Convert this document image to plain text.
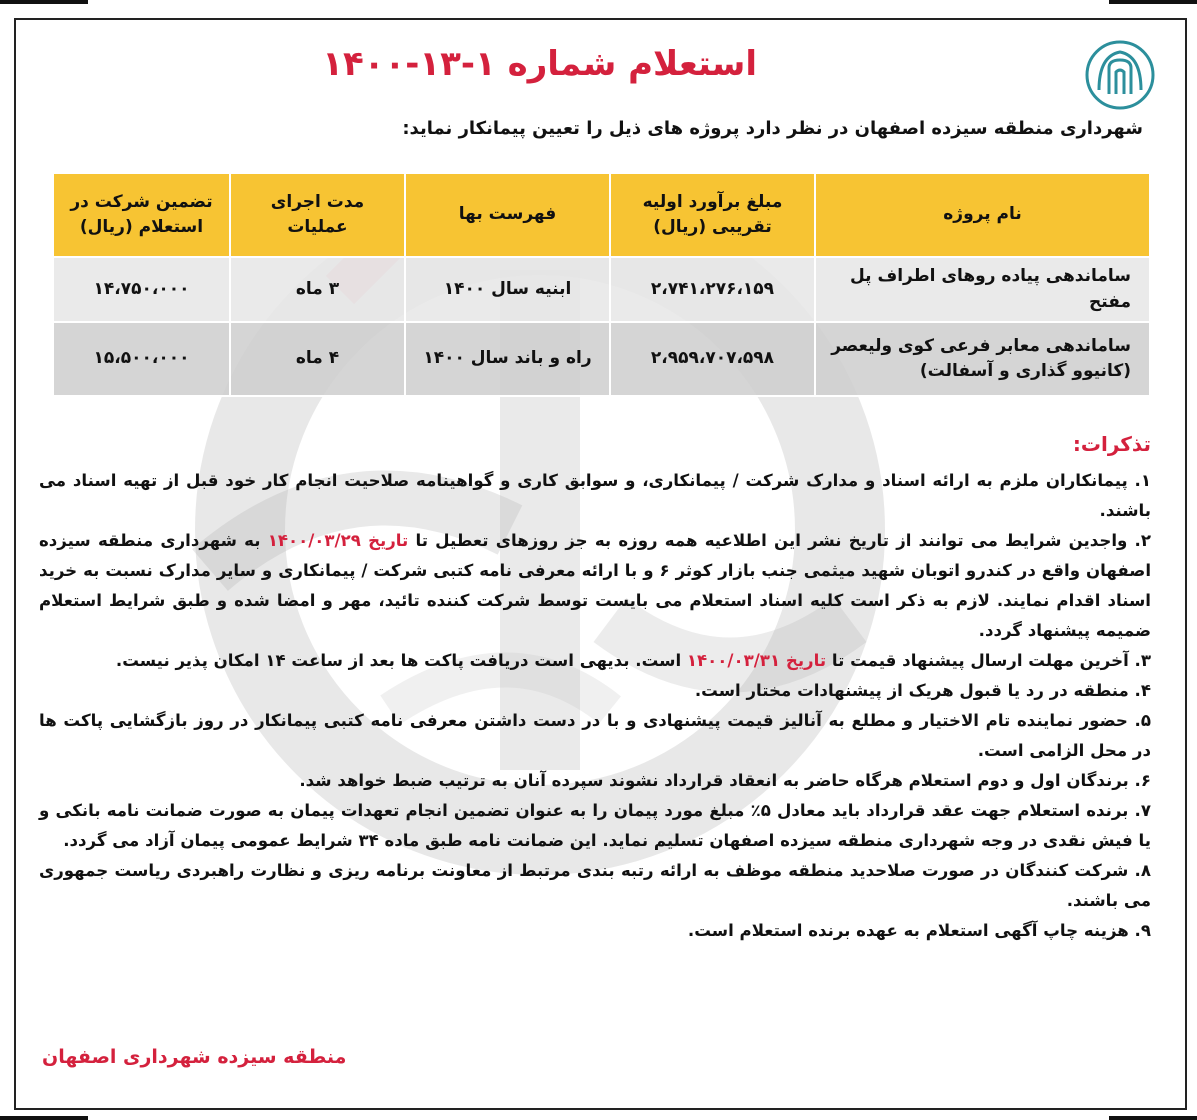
استعلام شماره ۱-۱۳-۱۴۰۰

شهرداری منطقه سیزده اصفهان در نظر دارد پروژه های ذیل را تعیین پیمانکار نماید:

نام پروژه	مبلغ برآورد اولیه تقریبی (ریال)	فهرست بها	مدت اجرای عملیات	تضمین شرکت در استعلام (ریال)
ساماندهی پیاده روهای اطراف پل مفتح	۲،۷۴۱،۲۷۶،۱۵۹	ابنیه سال ۱۴۰۰	۳ ماه	۱۴،۷۵۰،۰۰۰
ساماندهی معابر فرعی کوی ولیعصر (کانیوو گذاری و آسفالت)	۲،۹۵۹،۷۰۷،۵۹۸	راه و باند سال ۱۴۰۰	۴ ماه	۱۵،۵۰۰،۰۰۰
تذکرات:
۱. پیمانکاران ملزم به ارائه اسناد و مدارک شرکت / پیمانکاری، و سوابق کاری و گواهینامه صلاحیت انجام کار خود قبل از تهیه اسناد می باشند.
۲. واجدین شرایط می توانند از تاریخ نشر این اطلاعیه همه روزه به جز روزهای تعطیل تا تاریخ ۱۴۰۰/۰۳/۲۹ به شهرداری منطقه سیزده اصفهان واقع در کندرو اتوبان شهید میثمی جنب بازار کوثر ۶ و با ارائه معرفی نامه کتبی شرکت / پیمانکاری و سایر مدارک نسبت به خرید اسناد اقدام نمایند. لازم به ذکر است کلیه اسناد استعلام می بایست توسط شرکت کننده تائید، مهر و امضا شده و طبق شرایط استعلام ضمیمه پیشنهاد گردد.
۳. آخرین مهلت ارسال پیشنهاد قیمت تا تاریخ ۱۴۰۰/۰۳/۳۱ است. بدیهی است دریافت پاکت ها بعد از ساعت ۱۴ امکان پذیر نیست.
۴. منطقه در رد یا قبول هریک از پیشنهادات مختار است.
۵. حضور نماینده تام الاختیار و مطلع به آنالیز قیمت پیشنهادی و با در دست داشتن معرفی نامه کتبی پیمانکار در روز بازگشایی پاکت ها در محل الزامی است.
۶. برندگان اول و دوم استعلام هرگاه حاضر به انعقاد قرارداد نشوند سپرده آنان به ترتیب ضبط خواهد شد.
۷. برنده استعلام جهت عقد قرارداد باید معادل ۵٪ مبلغ مورد پیمان را به عنوان تضمین انجام تعهدات پیمان به صورت ضمانت نامه بانکی و یا فیش نقدی در وجه شهرداری منطقه سیزده اصفهان تسلیم نماید. این ضمانت نامه طبق ماده ۳۴ شرایط عمومی پیمان آزاد می گردد.
۸. شرکت کنندگان در صورت صلاحدید منطقه موظف به ارائه رتبه بندی مرتبط از معاونت برنامه ریزی و نظارت راهبردی ریاست جمهوری می باشند.
۹. هزینه چاپ آگهی استعلام به عهده برنده استعلام است.

منطقه سیزده شهرداری اصفهان
